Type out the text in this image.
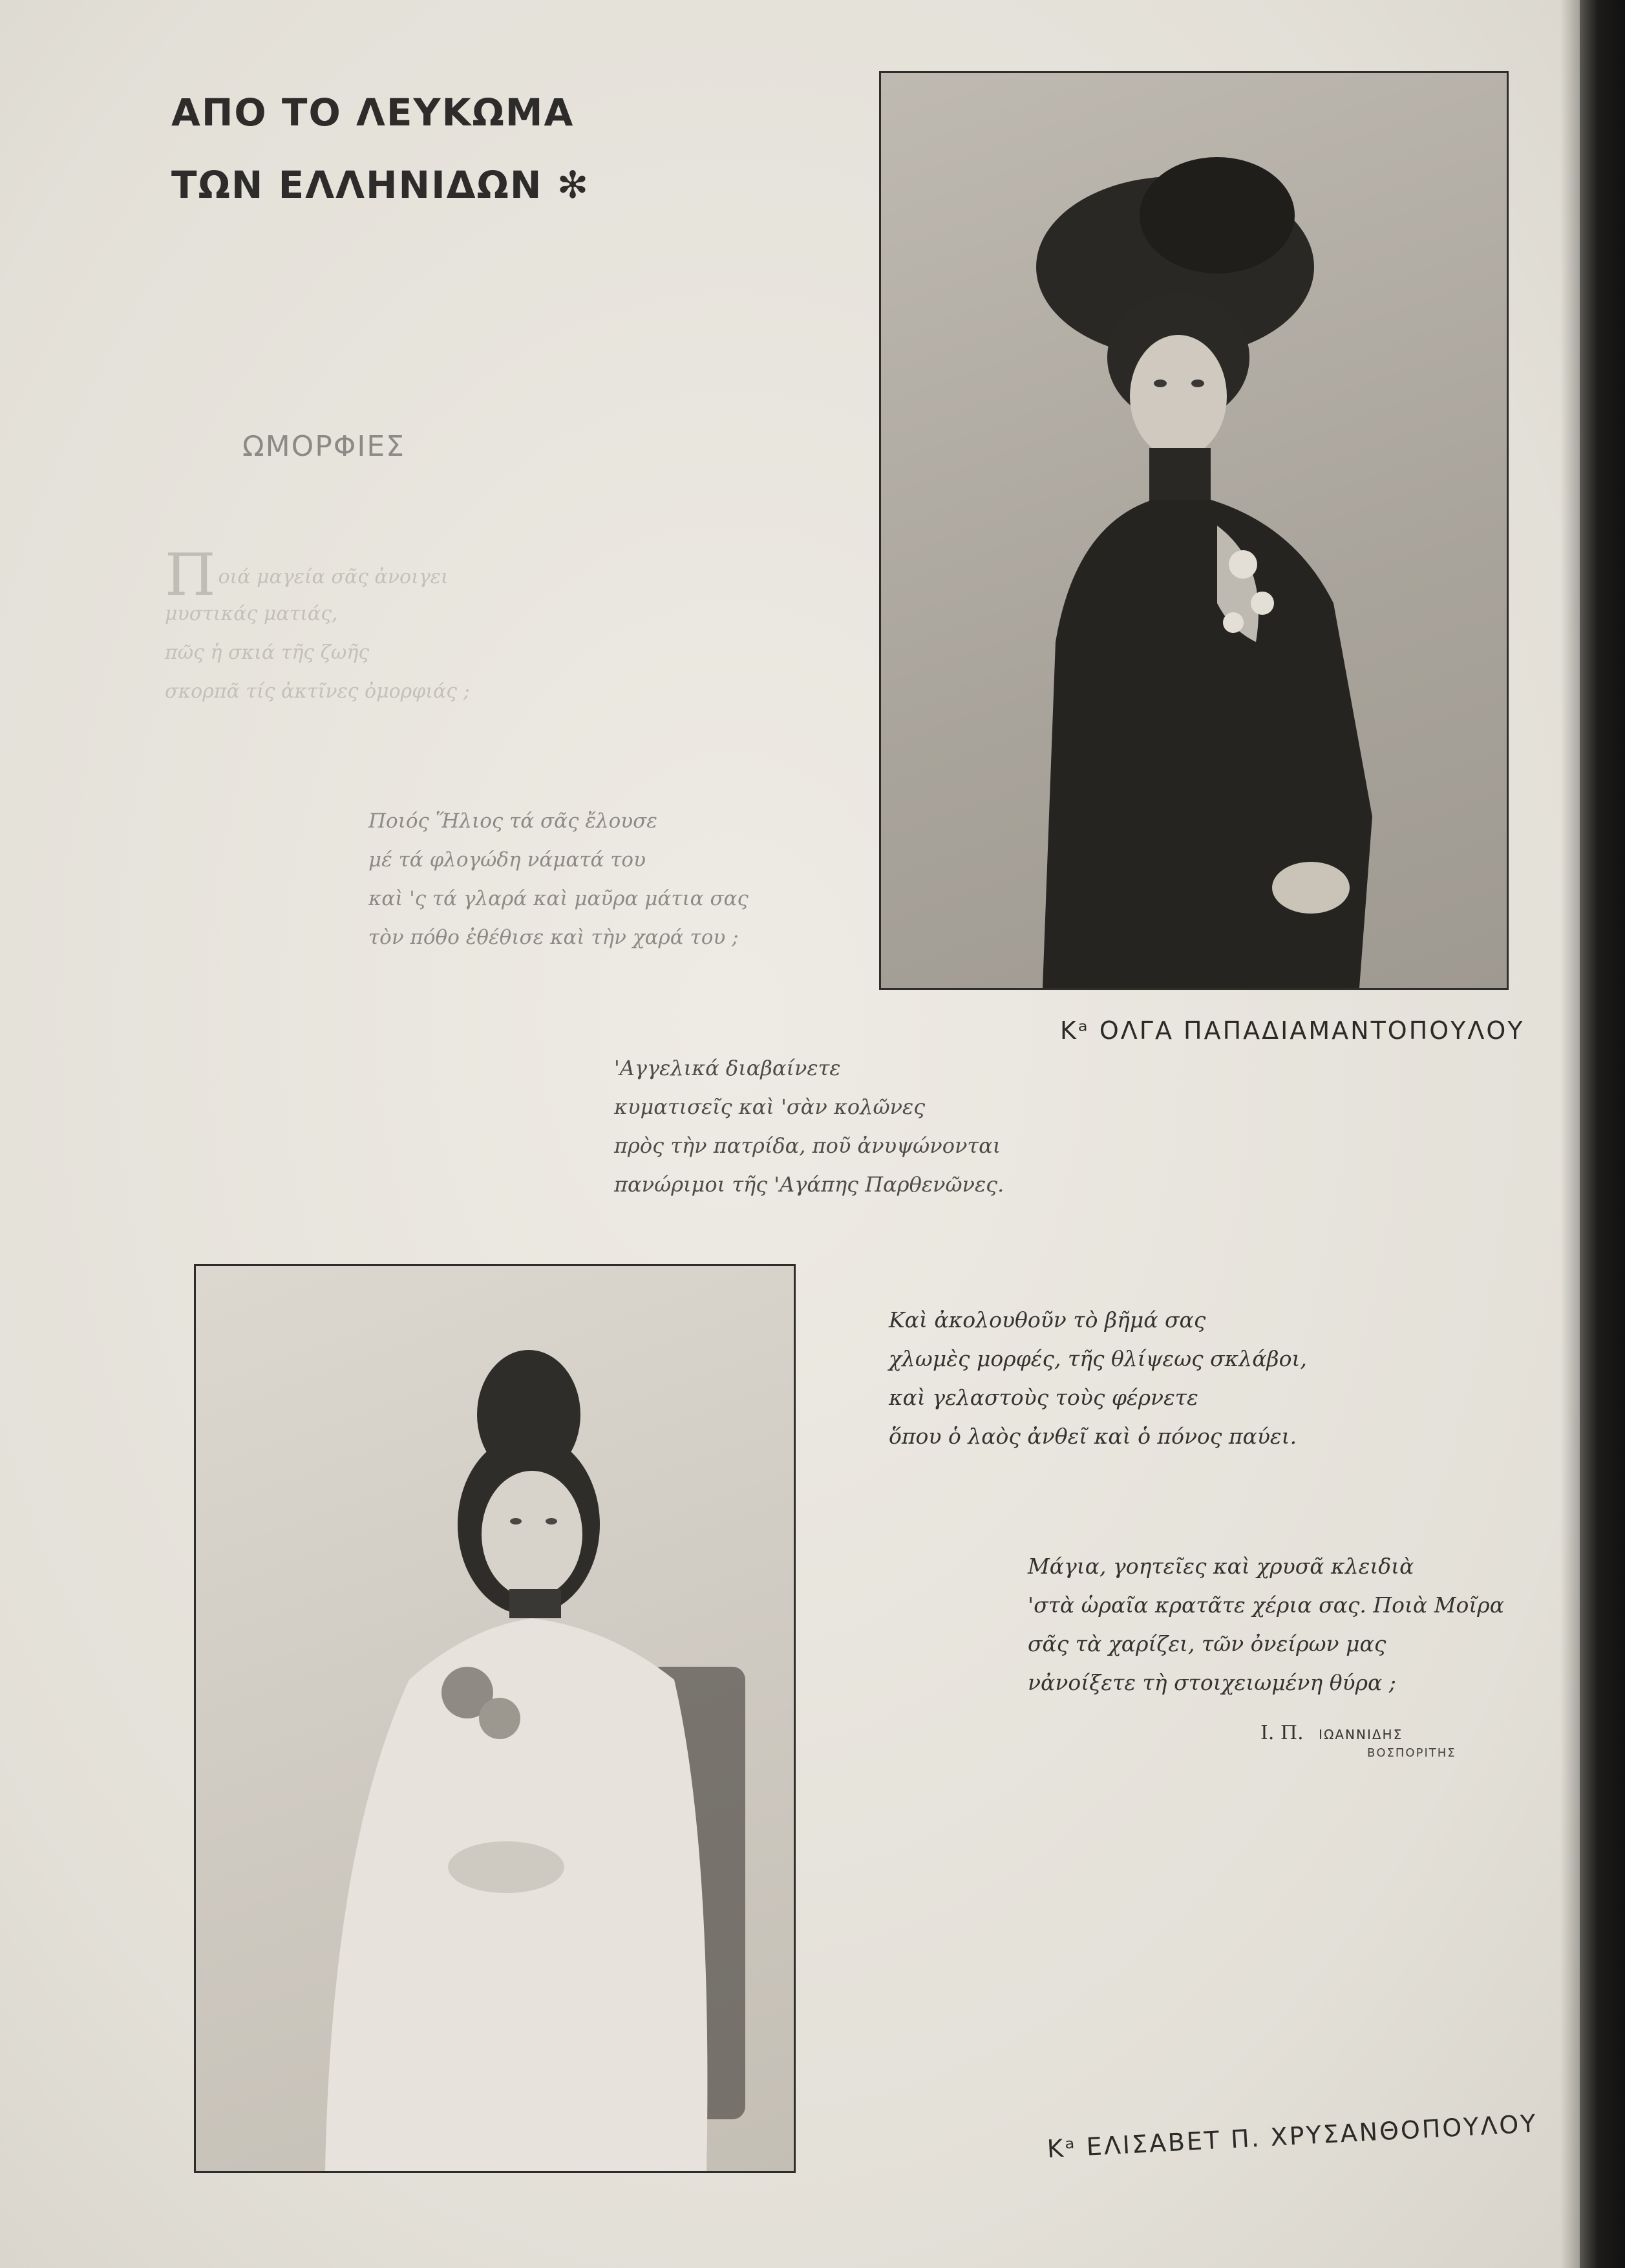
ΑΠΟ ΤΟ ΛΕΥΚΩΜΑ
ΤΩΝ ΕΛΛΗΝΙΔΩΝ ✻
ΩΜΟΡΦΙΕΣ
Ποιά μαγεία σᾶς ἀνοιγει
μυστικάς ματιάς,
πῶς ἡ σκιά τῆς ζωῆς
σκορπᾶ τίς ἀκτῖνες ὀμορφιάς ;
Ποιός Ἥλιος τά σᾶς ἔλουσε
μέ τά φλογώδη νάματά του
καὶ 'ς τά γλαρά καὶ μαῦρα μάτια σας
τὸν πόθο ἐθέθισε καὶ τὴν χαρά του ;
'Αγγελικά διαβαίνετε
κυματισεῖς καὶ 'σὰν κολῶνες
πρὸς τὴν πατρίδα, ποῦ ἀνυψώνονται
πανώριμοι τῆς 'Αγάπης Παρθενῶνες.
Καὶ ἀκολουθοῦν τὸ βῆμά σας
χλωμὲς μορφές, τῆς θλίψεως σκλάβοι,
καὶ γελαστοὺς τοὺς φέρνετε
ὅπου ὁ λαὸς ἀνθεῖ καὶ ὁ πόνος παύει.
Μάγια, γοητεῖες καὶ χρυσᾶ κλειδιὰ
'στὰ ὡραῖα κρατᾶτε χέρια σας. Ποιὰ Μοῖρα
σᾶς τὰ χαρίζει, τῶν ὀνείρων μας
νἀνοίξετε τὴ στοιχειωμένη θύρα ;
Ι. Π. ΙΩΑΝΝΙΔΗΣ
ΒΟΣΠΟΡΙΤΗΣ
Κᵃ ΟΛΓΑ ΠΑΠΑΔΙΑΜΑΝΤΟΠΟΥΛΟΥ
Κᵃ ΕΛΙΣΑΒΕΤ Π. ΧΡΥΣΑΝΘΟΠΟΥΛΟΥ
